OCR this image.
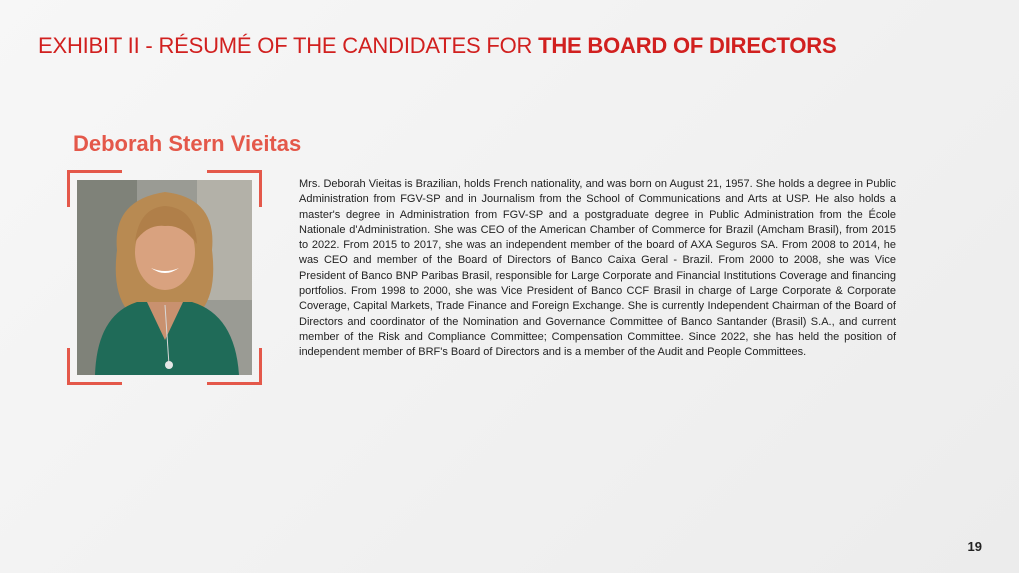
EXHIBIT II - RÉSUMÉ OF THE CANDIDATES FOR THE BOARD OF DIRECTORS
Deborah Stern Vieitas

Mrs. Deborah Vieitas is Brazilian, holds French nationality, and was born on August 21, 1957. She holds a degree in Public Administration from FGV-SP and in Journalism from the School of Communications and Arts at USP. He also holds a master's degree in Administration from FGV-SP and a postgraduate degree in Public Administration from the École Nationale d'Administration. She was CEO of the American Chamber of Commerce for Brazil (Amcham Brasil), from 2015 to 2022. From 2015 to 2017, she was an independent member of the board of AXA Seguros SA. From 2008 to 2014, he was CEO and member of the Board of Directors of Banco Caixa Geral - Brazil. From 2000 to 2008, she was Vice President of Banco BNP Paribas Brasil, responsible for Large Corporate and Financial Institutions Coverage and financing portfolios. From 1998 to 2000, she was Vice President of Banco CCF Brasil in charge of Large Corporate & Corporate Coverage, Capital Markets, Trade Finance and Foreign Exchange. She is currently Independent Chairman of the Board of Directors and coordinator of the Nomination and Governance Committee of Banco Santander (Brasil) S.A., and current member of the Risk and Compliance Committee; Compensation Committee. Since 2022, she has held the position of independent member of BRF's Board of Directors and is a member of the Audit and People Committees.

19
